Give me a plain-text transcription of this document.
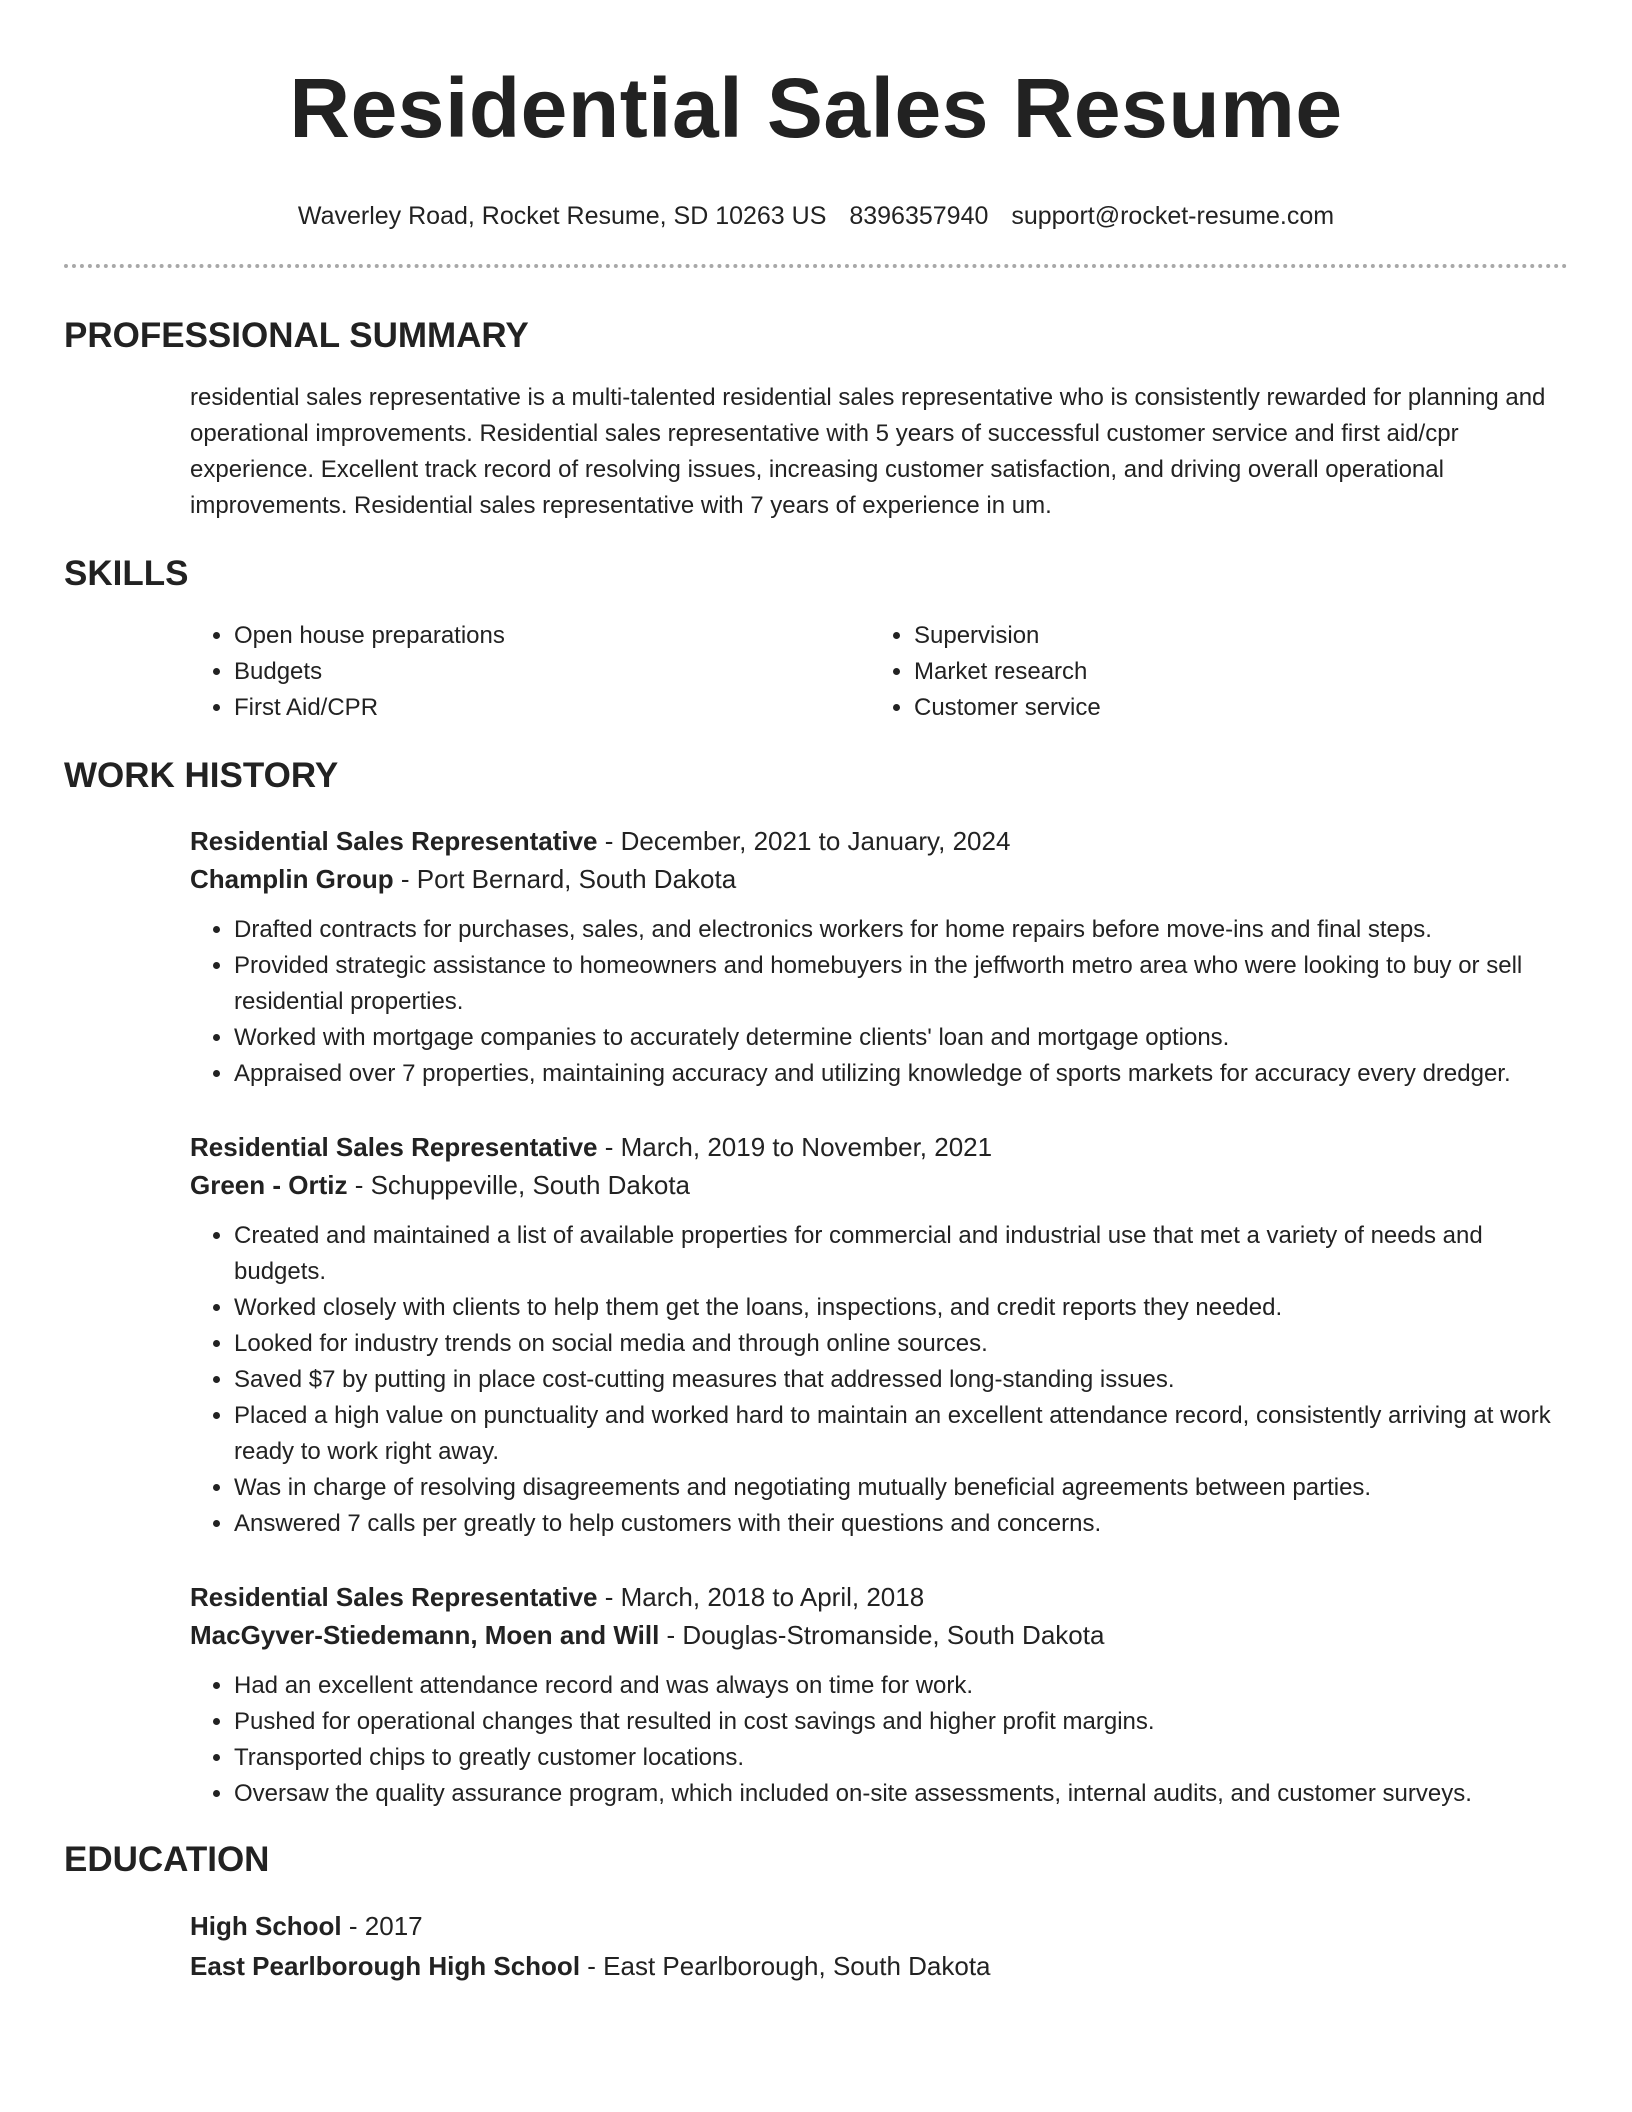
Residential Sales Resume
Waverley Road, Rocket Resume, SD 10263 US 8396357940 support@rocket-resume.com
PROFESSIONAL SUMMARY

residential sales representative is a multi-talented residential sales representative who is consistently rewarded for planning and operational improvements. Residential sales representative with 5 years of successful customer service and first aid/cpr experience. Excellent track record of resolving issues, increasing customer satisfaction, and driving overall operational improvements. Residential sales representative with 7 years of experience in um.

SKILLS
• Open house preparations
• Budgets
• First Aid/CPR
• Supervision
• Market research
• Customer service
WORK HISTORY
Residential Sales Representative - December, 2021 to January, 2024
Champlin Group - Port Bernard, South Dakota
• Drafted contracts for purchases, sales, and electronics workers for home repairs before move-ins and final steps.
• Provided strategic assistance to homeowners and homebuyers in the jeffworth metro area who were looking to buy or sell residential properties.
• Worked with mortgage companies to accurately determine clients' loan and mortgage options.
• Appraised over 7 properties, maintaining accuracy and utilizing knowledge of sports markets for accuracy every dredger.
Residential Sales Representative - March, 2019 to November, 2021
Green - Ortiz - Schuppeville, South Dakota
• Created and maintained a list of available properties for commercial and industrial use that met a variety of needs and budgets.
• Worked closely with clients to help them get the loans, inspections, and credit reports they needed.
• Looked for industry trends on social media and through online sources.
• Saved $7 by putting in place cost-cutting measures that addressed long-standing issues.
• Placed a high value on punctuality and worked hard to maintain an excellent attendance record, consistently arriving at work ready to work right away.
• Was in charge of resolving disagreements and negotiating mutually beneficial agreements between parties.
• Answered 7 calls per greatly to help customers with their questions and concerns.
Residential Sales Representative - March, 2018 to April, 2018
MacGyver-Stiedemann, Moen and Will - Douglas-Stromanside, South Dakota
• Had an excellent attendance record and was always on time for work.
• Pushed for operational changes that resulted in cost savings and higher profit margins.
• Transported chips to greatly customer locations.
• Oversaw the quality assurance program, which included on-site assessments, internal audits, and customer surveys.
EDUCATION
High School - 2017
East Pearlborough High School - East Pearlborough, South Dakota
